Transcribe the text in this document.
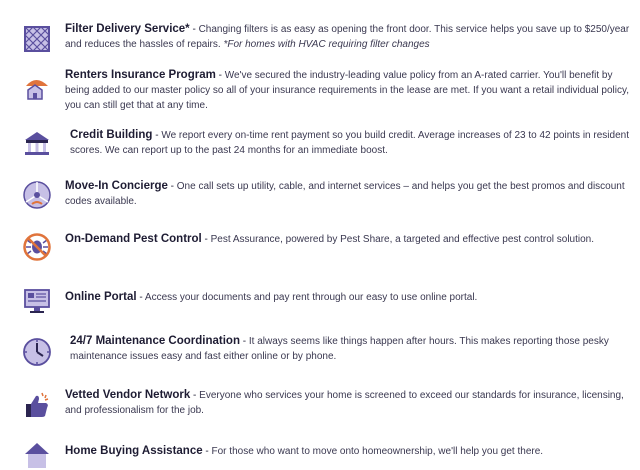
Filter Delivery Service* - Changing filters is as easy as opening the front door. This service helps you save up to $250/year and reduces the hassles of repairs. *For homes with HVAC requiring filter changes
Renters Insurance Program - We've secured the industry-leading value policy from an A-rated carrier. You'll benefit by being added to our master policy so all of your insurance requirements in the lease are met. If you want a retail individual policy, you can still get that at any time.
Credit Building - We report every on-time rent payment so you build credit. Average increases of 23 to 42 points in resident scores. We can report up to the past 24 months for an immediate boost.
Move-In Concierge - One call sets up utility, cable, and internet services – and helps you get the best promos and discount codes available.
On-Demand Pest Control - Pest Assurance, powered by Pest Share, a targeted and effective pest control solution.
Online Portal - Access your documents and pay rent through our easy to use online portal.
24/7 Maintenance Coordination - It always seems like things happen after hours. This makes reporting those pesky maintenance issues easy and fast either online or by phone.
Vetted Vendor Network - Everyone who services your home is screened to exceed our standards for insurance, licensing, and professionalism for the job.
Home Buying Assistance - For those who want to move onto homeownership, we'll help you get there.
